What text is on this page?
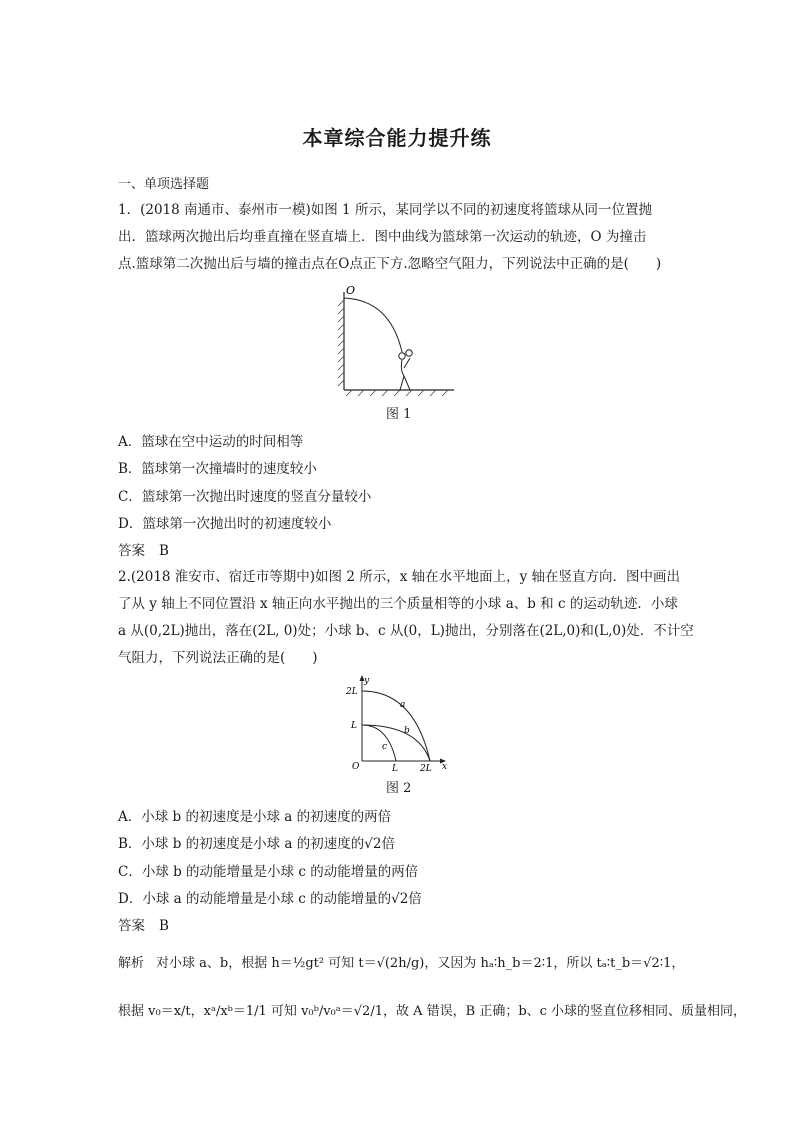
本章综合能力提升练
一、单项选择题
1．(2018 南通市、泰州市一模)如图 1 所示，某同学以不同的初速度将篮球从同一位置抛
出．篮球两次抛出后均垂直撞在竖直墙上．图中曲线为篮球第一次运动的轨迹，O 为撞击
点.篮球第二次抛出后与墙的撞击点在O点正下方.忽略空气阻力，下列说法中正确的是(　　)
O
图 1
A．篮球在空中运动的时间相等
B．篮球第一次撞墙时的速度较小
C．篮球第一次抛出时速度的竖直分量较小
D．篮球第一次抛出时的初速度较小
答案 B
2.(2018 淮安市、宿迁市等期中)如图 2 所示，x 轴在水平地面上，y 轴在竖直方向．图中画出
了从 y 轴上不同位置沿 x 轴正向水平抛出的三个质量相等的小球 a、b 和 c 的运动轨迹．小球
a 从(0,2L)抛出，落在(2L, 0)处；小球 b、c 从(0，L)抛出，分别落在(2L,0)和(L,0)处．不计空
气阻力，下列说法正确的是(　　)
y
x
O
2L
L
L 2L
a
b
c
图 2
A．小球 b 的初速度是小球 a 的初速度的两倍
B．小球 b 的初速度是小球 a 的初速度的√2倍
C．小球 b 的动能增量是小球 c 的动能增量的两倍
D．小球 a 的动能增量是小球 c 的动能增量的√2倍
答案 B
解析 对小球 a、b，根据 h＝½gt² 可知 t＝√(2h/g)，又因为 hₐ∶h_b＝2∶1，所以 tₐ∶t_b＝√2∶1，
根据 v₀＝x/t，xᵃ/xᵇ＝1/1 可知 v₀ᵇ/v₀ᵃ＝√2/1，故 A 错误，B 正确；b、c 小球的竖直位移相同、质量相同，
